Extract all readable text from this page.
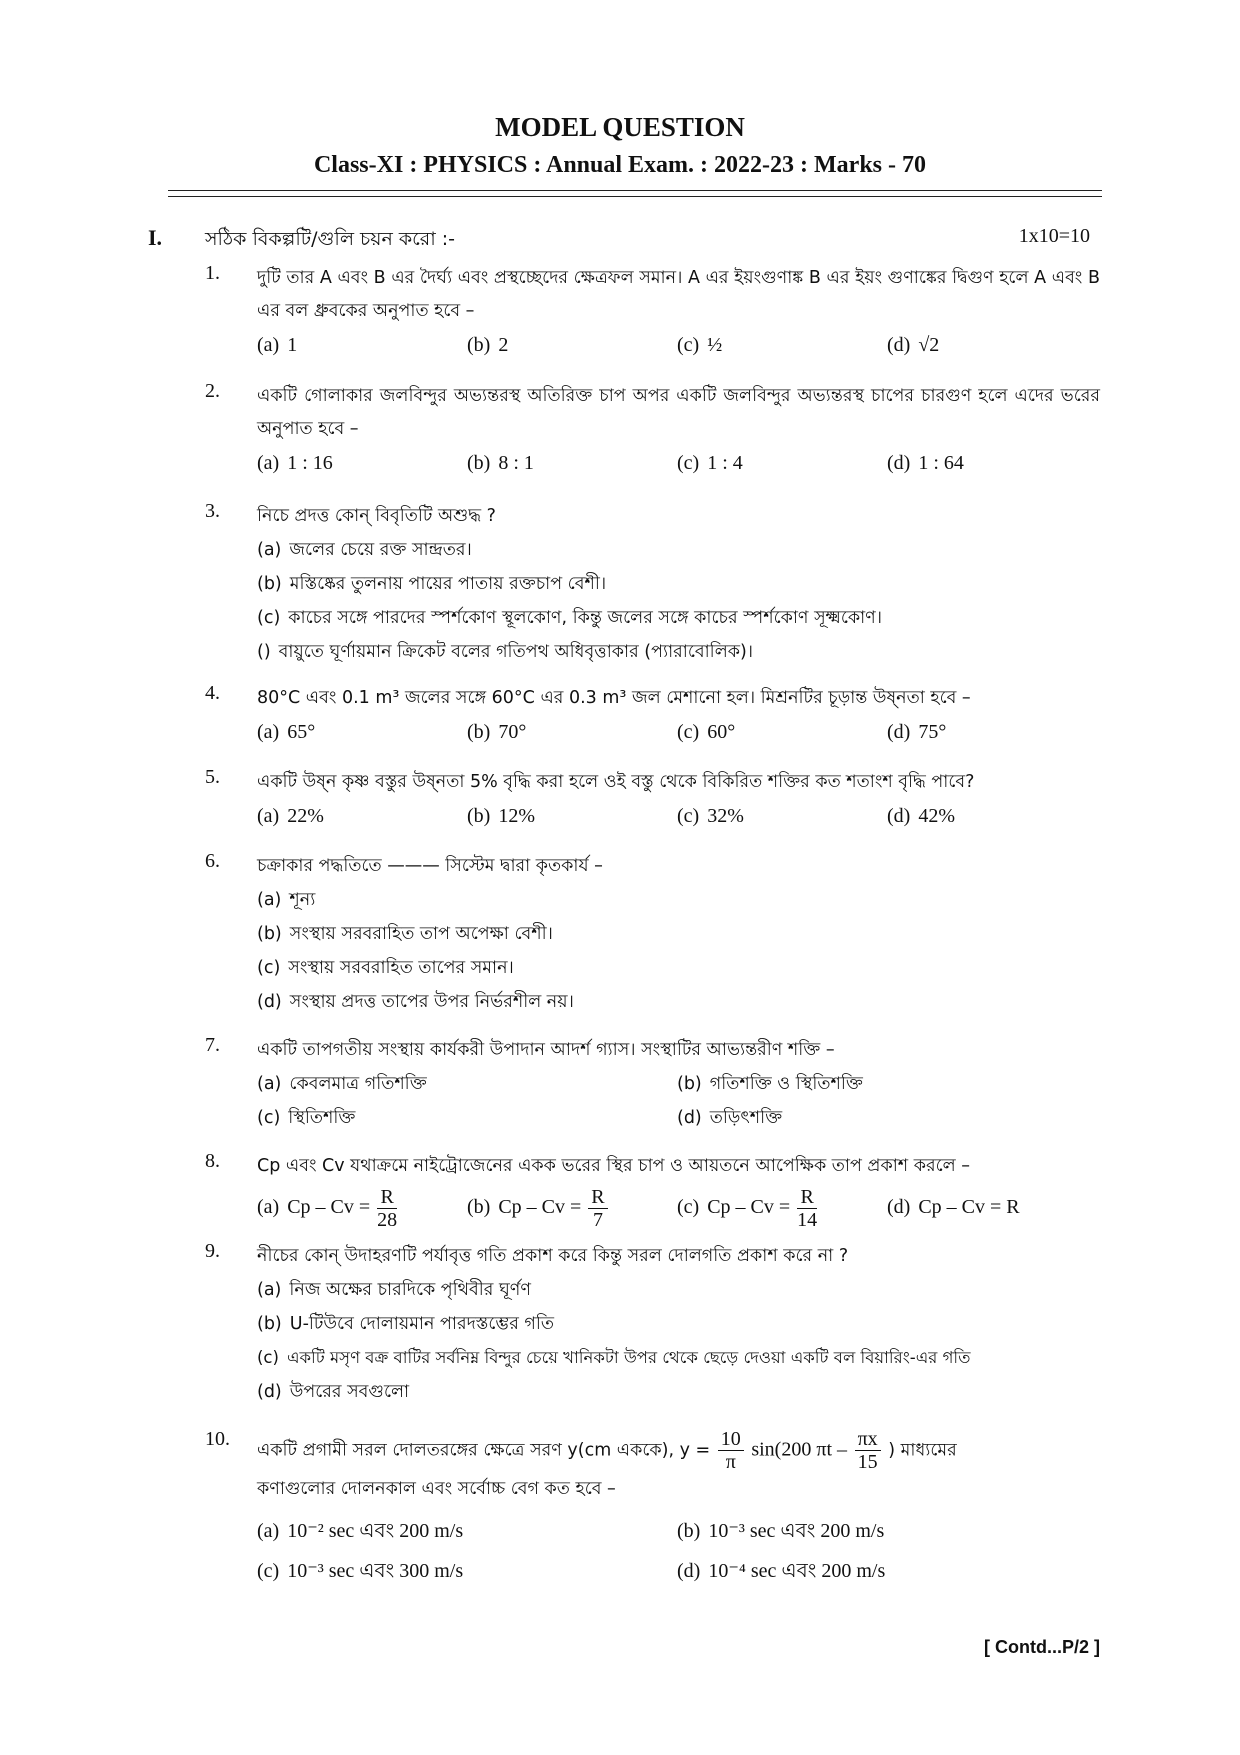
MODEL QUESTION
Class-XI : PHYSICS : Annual Exam. : 2022-23 : Marks - 70
I. সঠিক বিকল্পটি/গুলি চয়ন করো :-	1x10=10
1. দুটি তার A এবং B এর দৈর্ঘ্য এবং প্রস্থচ্ছেদের ক্ষেত্রফল সমান। A এর ইয়ংগুণাঙ্ক B এর ইয়ং গুণাঙ্কের দ্বিগুণ হলে A এবং B এর বল ধ্রুবকের অনুপাত হবে –
(a) 1	(b) 2	(c) ½	(d) √2
2. একটি গোলাকার জলবিন্দুর অভ্যন্তরস্থ অতিরিক্ত চাপ অপর একটি জলবিন্দুর অভ্যন্তরস্থ চাপের চারগুণ হলে এদের ভরের অনুপাত হবে –
(a) 1 : 16	(b) 8 : 1	(c) 1 : 4	(d) 1 : 64
3. নিচে প্রদত্ত কোন্ বিবৃতিটি অশুদ্ধ ?
(a) জলের চেয়ে রক্ত সান্দ্রতর।
(b) মস্তিষ্কের তুলনায় পায়ের পাতায় রক্তচাপ বেশী।
(c) কাচের সঙ্গে পারদের স্পর্শকোণ স্থূলকোণ, কিন্তু জলের সঙ্গে কাচের স্পর্শকোণ সূক্ষ্মকোণ।
() বায়ুতে ঘূর্ণায়মান ক্রিকেট বলের গতিপথ অধিবৃত্তাকার (প্যারাবোলিক)।
4. 80°C এবং 0.1 m³ জলের সঙ্গে 60°C এর 0.3 m³ জল মেশানো হল। মিশ্রনটির চূড়ান্ত উষ্নতা হবে –
(a) 65°	(b) 70°	(c) 60°	(d) 75°
5. একটি উষ্ন কৃষ্ণ বস্তুর উষ্নতা 5% বৃদ্ধি করা হলে ওই বস্তু থেকে বিকিরিত শক্তির কত শতাংশ বৃদ্ধি পাবে?
(a) 22%	(b) 12%	(c) 32%	(d) 42%
6. চক্রাকার পদ্ধতিতে ——— সিস্টেম দ্বারা কৃতকার্য –
(a) শূন্য
(b) সংস্থায় সরবরাহিত তাপ অপেক্ষা বেশী।
(c) সংস্থায় সরবরাহিত তাপের সমান।
(d) সংস্থায় প্রদত্ত তাপের উপর নির্ভরশীল নয়।
7. একটি তাপগতীয় সংস্থায় কার্যকরী উপাদান আদর্শ গ্যাস। সংস্থাটির আভ্যন্তরীণ শক্তি –
(a) কেবলমাত্র গতিশক্তি	(b) গতিশক্তি ও স্থিতিশক্তি
(c) স্থিতিশক্তি	(d) তড়িৎশক্তি
8. Cp এবং Cv যথাক্রমে নাইট্রোজেনের একক ভরের স্থির চাপ ও আয়তনে আপেক্ষিক তাপ প্রকাশ করলে –
(a) $Cp - Cv = \frac{R}{28}$	(b) $Cp - Cv = \frac{R}{7}$	(c) $Cp - Cv = \frac{R}{14}$	(d) Cp – Cv = R
9. নীচের কোন্ উদাহরণটি পর্যাবৃত্ত গতি প্রকাশ করে কিন্তু সরল দোলগতি প্রকাশ করে না ?
(a) নিজ অক্ষের চারদিকে পৃথিবীর ঘূর্ণণ
(b) U-টিউবে দোলায়মান পারদস্তম্ভের গতি
(c) একটি মসৃণ বক্র বাটির সর্বনিম্ন বিন্দুর চেয়ে খানিকটা উপর থেকে ছেড়ে দেওয়া একটি বল বিয়ারিং-এর গতি
(d) উপরের সবগুলো
10.
একটি প্রগামী সরল দোলতরঙ্গের ক্ষেত্রে সরণ y(cm এককে), $y = \frac{10}{\pi} \sin(200$ πt – $\frac{\pi x}{15}$ ) মাধ্যমের
কণাগুলোর দোলনকাল এবং সর্বোচ্চ বেগ কত হবে –
(a) 10⁻² sec এবং 200 m/s	(b) 10⁻³ sec এবং 200 m/s
(c) 10⁻³ sec এবং 300 m/s	(d) 10⁻⁴ sec এবং 200 m/s
[ Contd...P/2 ]
